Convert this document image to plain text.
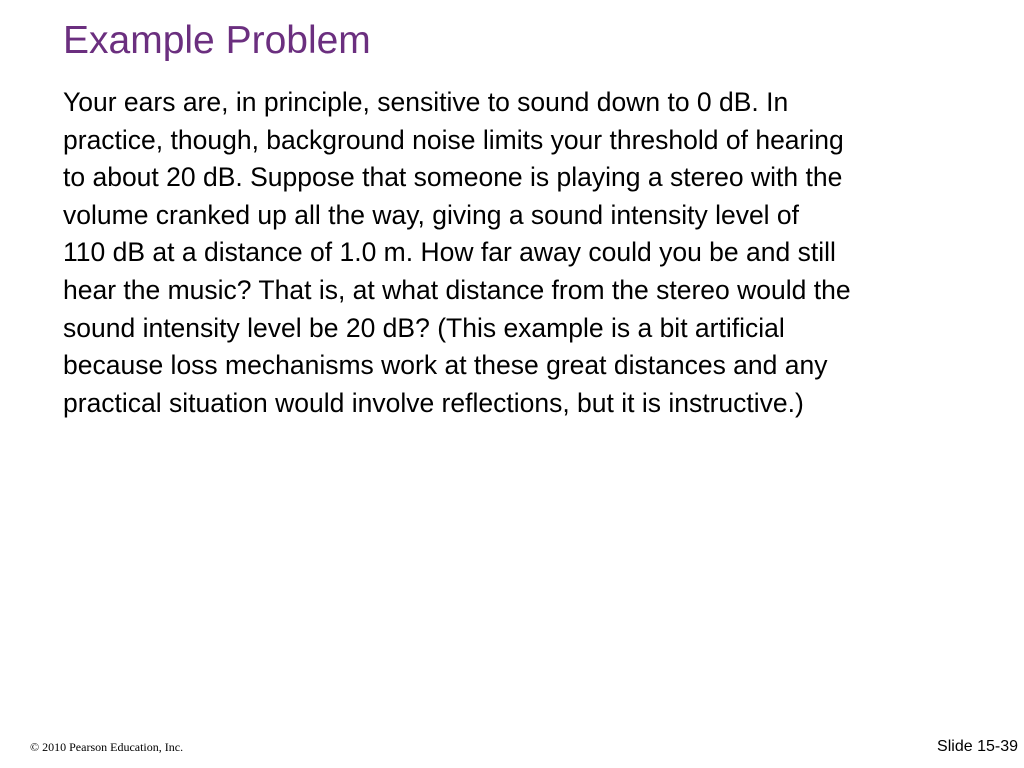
Example Problem

Your ears are, in principle, sensitive to sound down to 0 dB. In
practice, though, background noise limits your threshold of hearing
to about 20 dB. Suppose that someone is playing a stereo with the
volume cranked up all the way, giving a sound intensity level of
110 dB at a distance of 1.0 m. How far away could you be and still
hear the music? That is, at what distance from the stereo would the
sound intensity level be 20 dB? (This example is a bit artificial
because loss mechanisms work at these great distances and any
practical situation would involve reflections, but it is instructive.)

© 2010 Pearson Education, Inc.	Slide 15-39
